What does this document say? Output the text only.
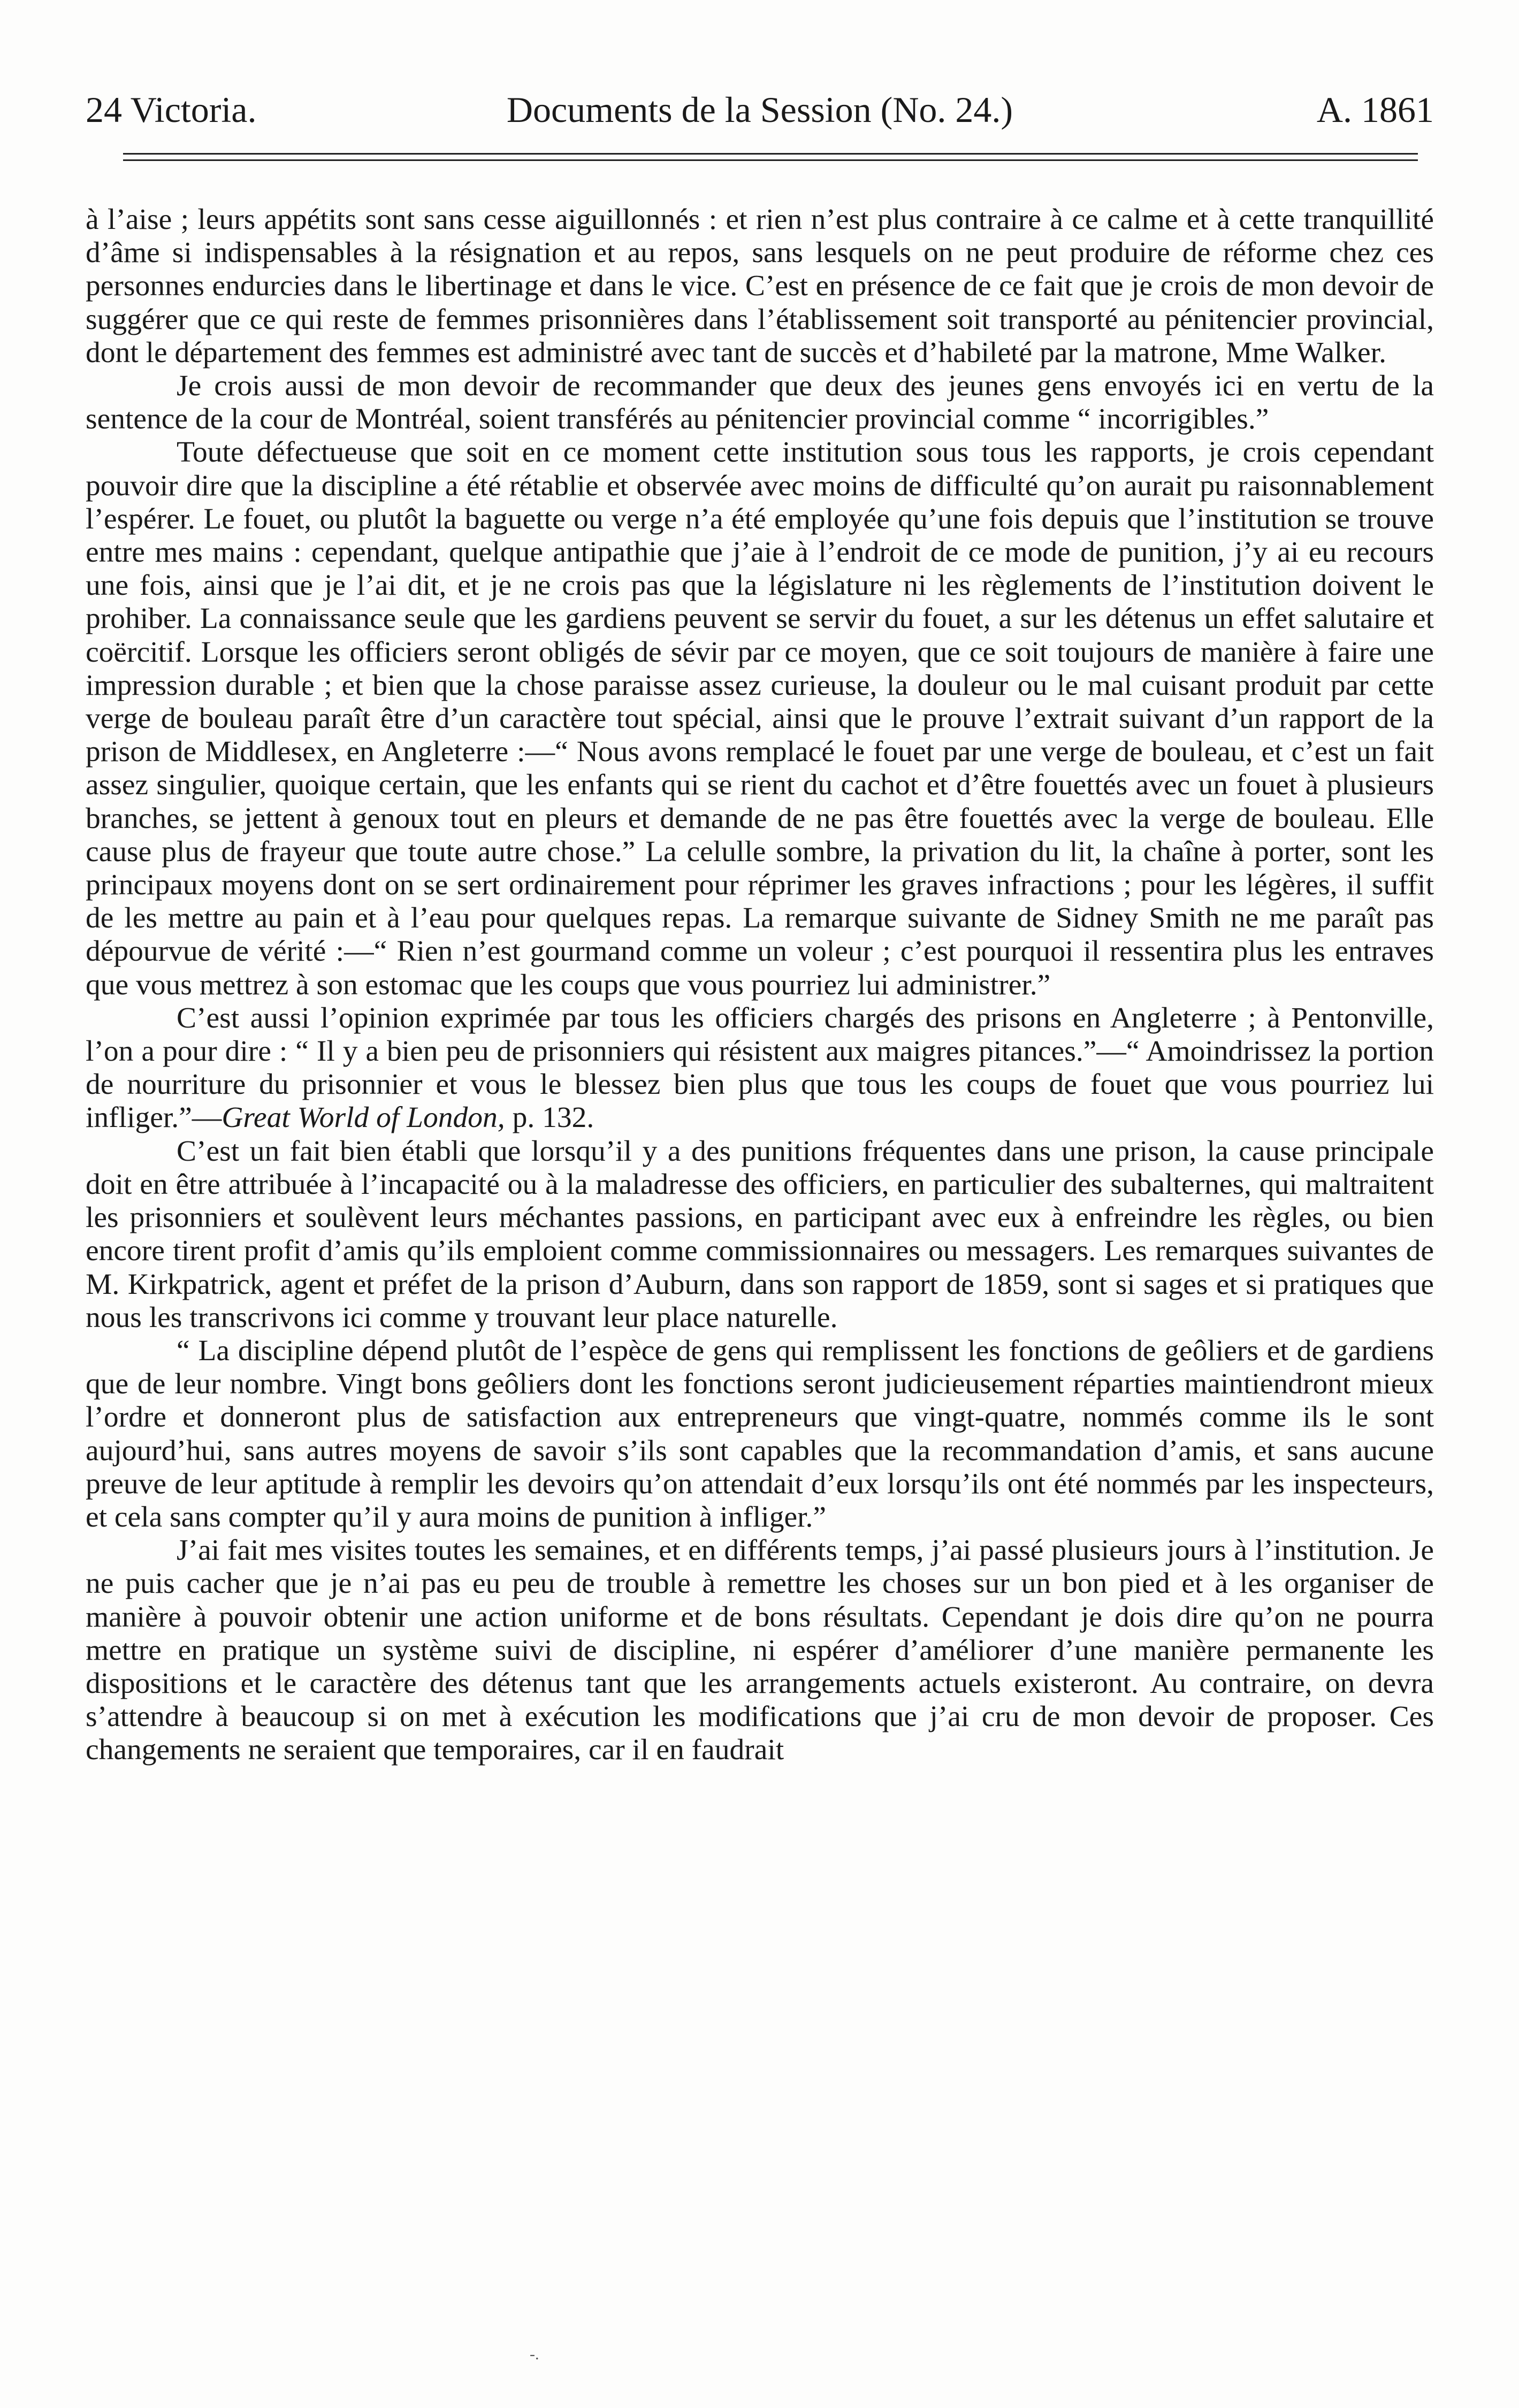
24 Victoria.	Documents de la Session (No. 24.)	A. 1861

à l’aise ; leurs appétits sont sans cesse aiguillonnés : et rien n’est plus contraire à ce calme et à cette tranquillité d’âme si indispensables à la résignation et au repos, sans lesquels on ne peut produire de réforme chez ces personnes endurcies dans le libertinage et dans le vice. C’est en présence de ce fait que je crois de mon devoir de suggérer que ce qui reste de femmes prisonnières dans l’établissement soit transporté au pénitencier provincial, dont le département des femmes est administré avec tant de succès et d’habileté par la matrone, Mme Walker.

Je crois aussi de mon devoir de recommander que deux des jeunes gens envoyés ici en vertu de la sentence de la cour de Montréal, soient transférés au pénitencier provincial comme “ incorrigibles.”

Toute défectueuse que soit en ce moment cette institution sous tous les rapports, je crois cependant pouvoir dire que la discipline a été rétablie et observée avec moins de difficulté qu’on aurait pu raisonnablement l’espérer. Le fouet, ou plutôt la baguette ou verge n’a été employée qu’une fois depuis que l’institution se trouve entre mes mains : cependant, quelque antipathie que j’aie à l’endroit de ce mode de punition, j’y ai eu recours une fois, ainsi que je l’ai dit, et je ne crois pas que la législature ni les règlements de l’institution doivent le prohiber. La connaissance seule que les gardiens peuvent se servir du fouet, a sur les détenus un effet salutaire et coërcitif. Lorsque les officiers seront obligés de sévir par ce moyen, que ce soit toujours de manière à faire une impression durable ; et bien que la chose paraisse assez curieuse, la douleur ou le mal cuisant produit par cette verge de bouleau paraît être d’un caractère tout spécial, ainsi que le prouve l’extrait suivant d’un rapport de la prison de Middlesex, en Angleterre :—“ Nous avons remplacé le fouet par une verge de bouleau, et c’est un fait assez singulier, quoique certain, que les enfants qui se rient du cachot et d’être fouettés avec un fouet à plusieurs branches, se jettent à genoux tout en pleurs et demande de ne pas être fouettés avec la verge de bouleau. Elle cause plus de frayeur que toute autre chose.” La celulle sombre, la privation du lit, la chaîne à porter, sont les principaux moyens dont on se sert ordinairement pour réprimer les graves infractions ; pour les légères, il suffit de les mettre au pain et à l’eau pour quelques repas. La remarque suivante de Sidney Smith ne me paraît pas dépourvue de vérité :—“ Rien n’est gourmand comme un voleur ; c’est pourquoi il ressentira plus les entraves que vous mettrez à son estomac que les coups que vous pourriez lui administrer.”

C’est aussi l’opinion exprimée par tous les officiers chargés des prisons en Angleterre ; à Pentonville, l’on a pour dire : “ Il y a bien peu de prisonniers qui résistent aux maigres pitances.”—“ Amoindrissez la portion de nourriture du prisonnier et vous le blessez bien plus que tous les coups de fouet que vous pourriez lui infliger.”—Great World of London, p. 132.

C’est un fait bien établi que lorsqu’il y a des punitions fréquentes dans une prison, la cause principale doit en être attribuée à l’incapacité ou à la maladresse des officiers, en particulier des subalternes, qui maltraitent les prisonniers et soulèvent leurs méchantes passions, en participant avec eux à enfreindre les règles, ou bien encore tirent profit d’amis qu’ils emploient comme commissionnaires ou messagers. Les remarques suivantes de M. Kirkpatrick, agent et préfet de la prison d’Auburn, dans son rapport de 1859, sont si sages et si pratiques que nous les transcrivons ici comme y trouvant leur place naturelle.

“ La discipline dépend plutôt de l’espèce de gens qui remplissent les fonctions de geôliers et de gardiens que de leur nombre. Vingt bons geôliers dont les fonctions seront judicieusement réparties maintiendront mieux l’ordre et donneront plus de satisfaction aux entrepreneurs que vingt-quatre, nommés comme ils le sont aujourd’hui, sans autres moyens de savoir s’ils sont capables que la recommandation d’amis, et sans aucune preuve de leur aptitude à remplir les devoirs qu’on attendait d’eux lorsqu’ils ont été nommés par les inspecteurs, et cela sans compter qu’il y aura moins de punition à infliger.”

J’ai fait mes visites toutes les semaines, et en différents temps, j’ai passé plusieurs jours à l’institution. Je ne puis cacher que je n’ai pas eu peu de trouble à remettre les choses sur un bon pied et à les organiser de manière à pouvoir obtenir une action uniforme et de bons résultats. Cependant je dois dire qu’on ne pourra mettre en pratique un système suivi de discipline, ni espérer d’améliorer d’une manière permanente les dispositions et le caractère des détenus tant que les arrangements actuels existeront. Au contraire, on devra s’attendre à beaucoup si on met à exécution les modifications que j’ai cru de mon devoir de proposer. Ces changements ne seraient que temporaires, car il en faudrait

-.
